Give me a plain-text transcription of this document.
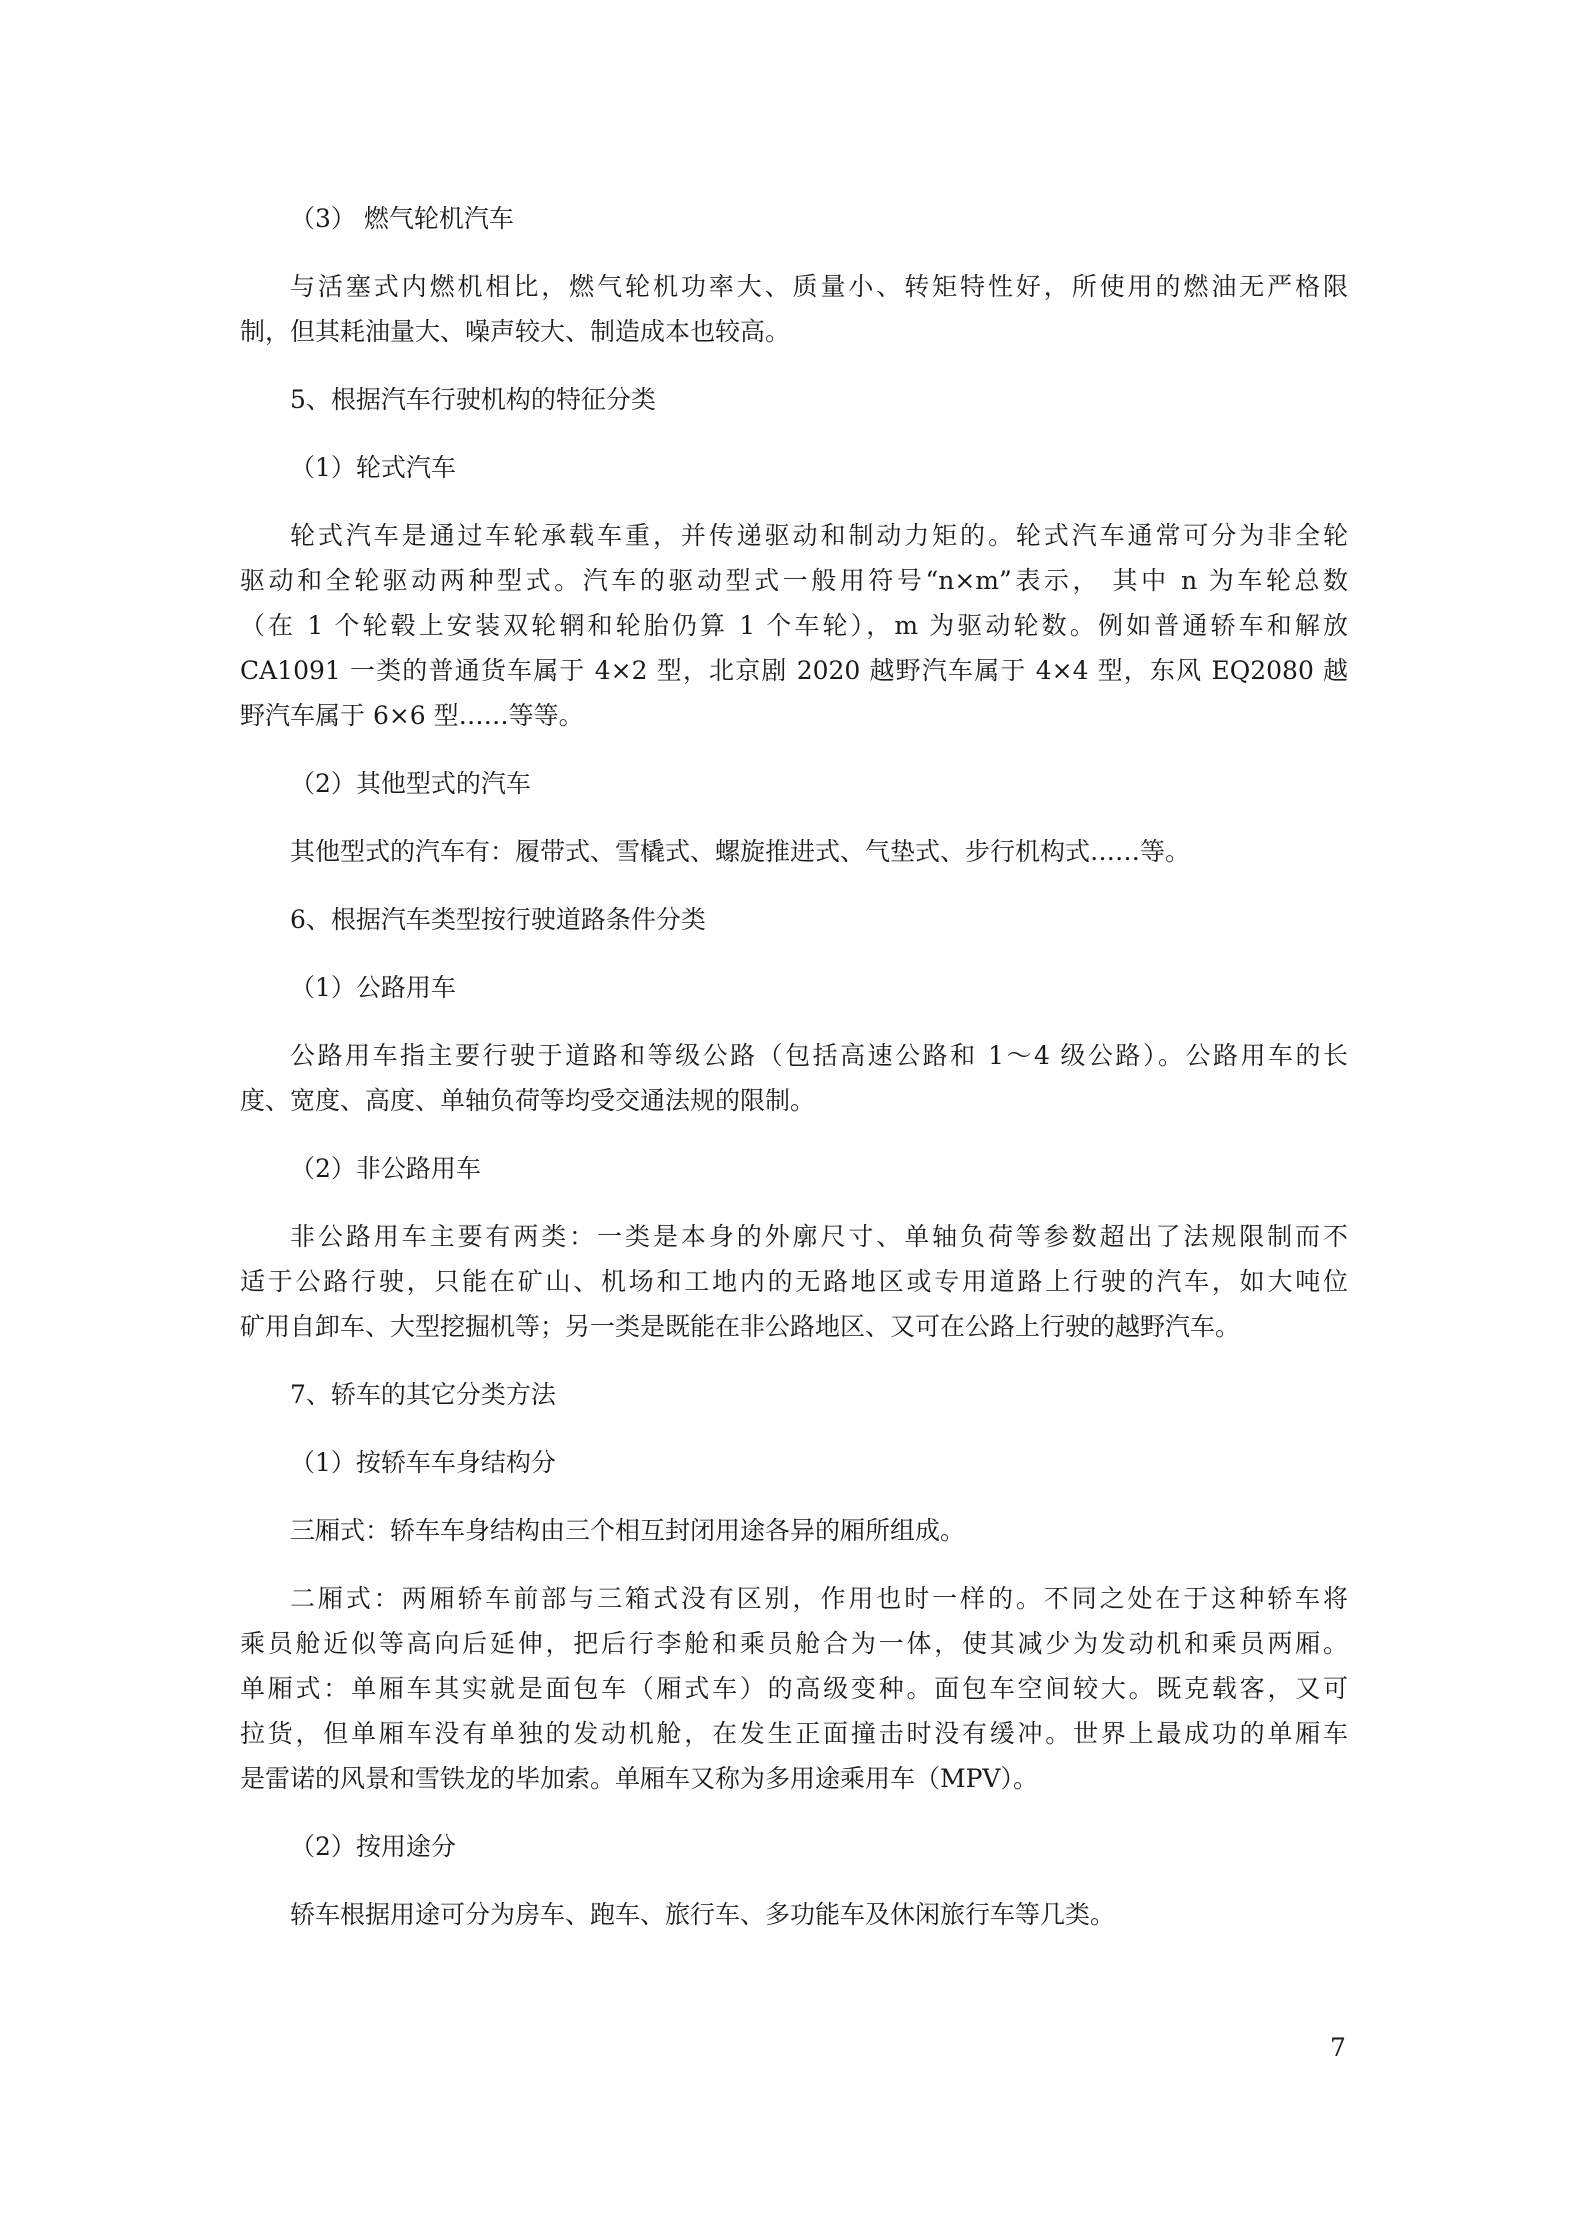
（3） 燃气轮机汽车
与活塞式内燃机相比，燃气轮机功率大、质量小、转矩特性好，所使用的燃油无严格限
制，但其耗油量大、噪声较大、制造成本也较高。
5、根据汽车行驶机构的特征分类
（1）轮式汽车
轮式汽车是通过车轮承载车重，并传递驱动和制动力矩的。轮式汽车通常可分为非全轮
驱动和全轮驱动两种型式。汽车的驱动型式一般用符号“n×m”表示， 其中 n 为车轮总数
（在 1 个轮毂上安装双轮辋和轮胎仍算 1 个车轮），m 为驱动轮数。例如普通轿车和解放
CA1091 一类的普通货车属于 4×2 型，北京剧 2020 越野汽车属于 4×4 型，东风 EQ2080 越
野汽车属于 6×6 型……等等。
（2）其他型式的汽车
其他型式的汽车有：履带式、雪橇式、螺旋推进式、气垫式、步行机构式……等。
6、根据汽车类型按行驶道路条件分类
（1）公路用车
公路用车指主要行驶于道路和等级公路（包括高速公路和 1～4 级公路）。公路用车的长
度、宽度、高度、单轴负荷等均受交通法规的限制。
（2）非公路用车
非公路用车主要有两类：一类是本身的外廓尺寸、单轴负荷等参数超出了法规限制而不
适于公路行驶，只能在矿山、机场和工地内的无路地区或专用道路上行驶的汽车，如大吨位
矿用自卸车、大型挖掘机等；另一类是既能在非公路地区、又可在公路上行驶的越野汽车。
7、轿车的其它分类方法
（1）按轿车车身结构分
三厢式：轿车车身结构由三个相互封闭用途各异的厢所组成。
二厢式：两厢轿车前部与三箱式没有区别，作用也时一样的。不同之处在于这种轿车将
乘员舱近似等高向后延伸，把后行李舱和乘员舱合为一体，使其减少为发动机和乘员两厢。
单厢式：单厢车其实就是面包车（厢式车）的高级变种。面包车空间较大。既克载客，又可
拉货，但单厢车没有单独的发动机舱，在发生正面撞击时没有缓冲。世界上最成功的单厢车
是雷诺的风景和雪铁龙的毕加索。单厢车又称为多用途乘用车（MPV）。
（2）按用途分
轿车根据用途可分为房车、跑车、旅行车、多功能车及休闲旅行车等几类。
7
